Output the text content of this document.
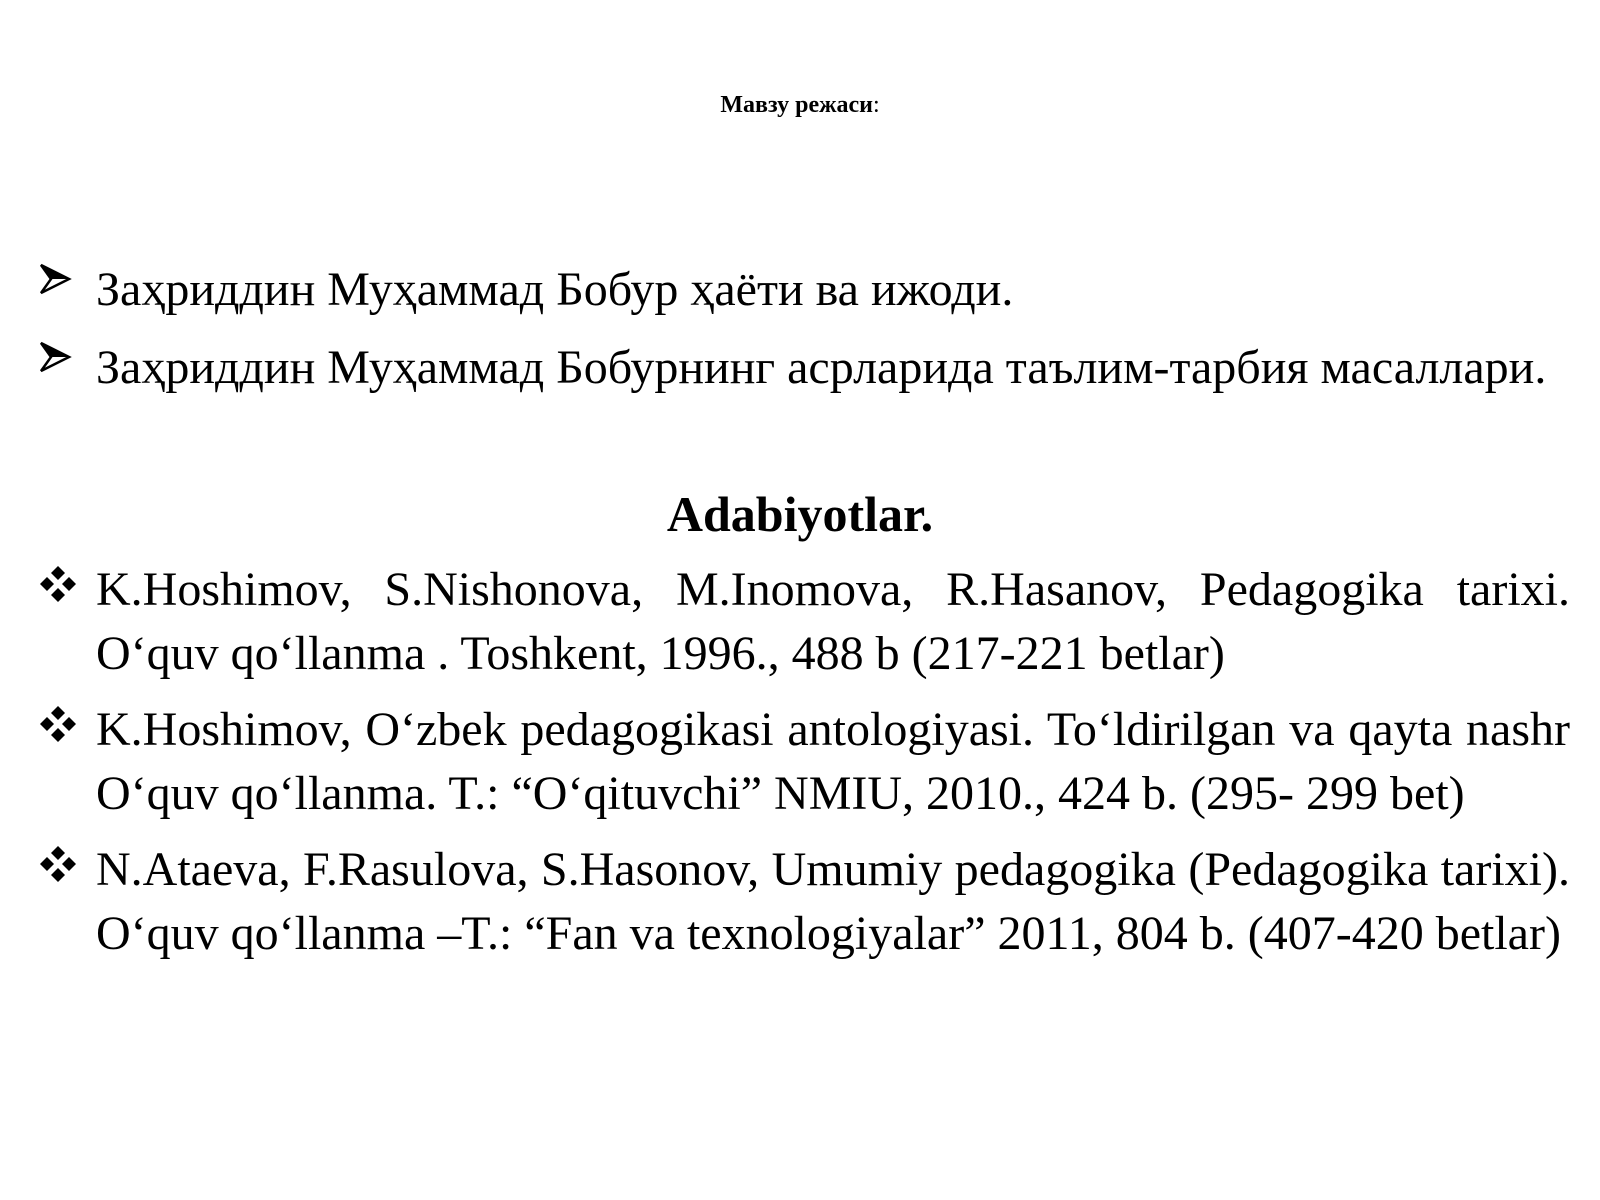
Мавзу режаси:
Заҳриддин Муҳаммад Бобур ҳаёти ва ижоди.
Заҳриддин Муҳаммад Бобурнинг асрларида таълим-тарбия масаллари.
Adabiyotlar.
K.Hoshimov, S.Nishonova, M.Inomova, R.Hasanov, Pedagogika tarixi. O‘quv qo‘llanma . Toshkent, 1996., 488 b (217-221 betlar)
K.Hoshimov, O‘zbek pedagogikasi antologiyasi. To‘ldirilgan va qayta nashr O‘quv qo‘llanma. T.: “O‘qituvchi” NMIU, 2010., 424 b. (295- 299 bet)
N.Ataeva, F.Rasulova, S.Hasonov, Umumiy pedagogika (Pedagogika tarixi). O‘quv qo‘llanma –T.: “Fan va texnologiyalar” 2011, 804 b. (407-420 betlar)
